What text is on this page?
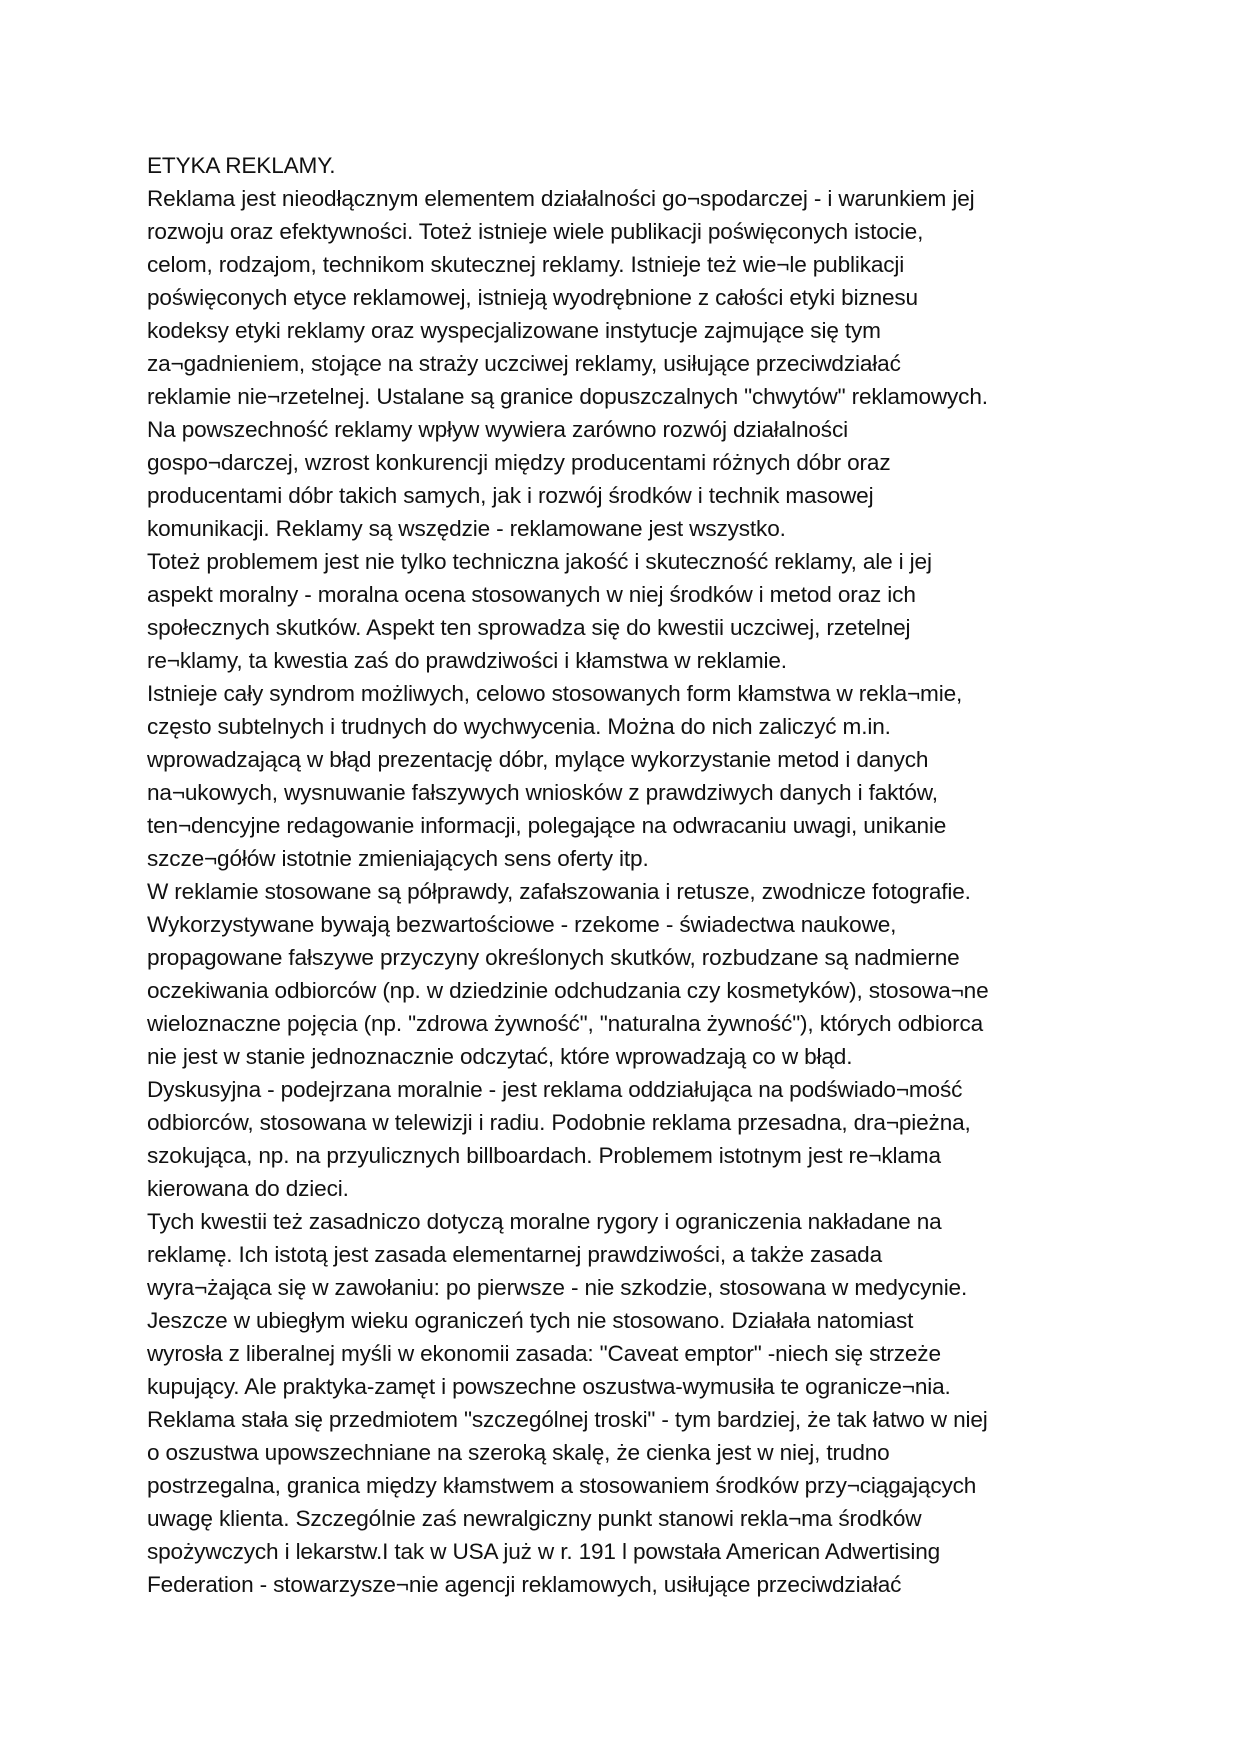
ETYKA REKLAMY.
Reklama jest nieodłącznym elementem działalności go¬spodarczej - i warunkiem jej
rozwoju oraz efektywności. Toteż istnieje wiele publikacji poświęconych istocie,
celom, rodzajom, technikom skutecznej reklamy. Istnieje też wie¬le publikacji
poświęconych etyce reklamowej, istnieją wyodrębnione z całości etyki biznesu
kodeksy etyki reklamy oraz wyspecjalizowane instytucje zajmujące się tym
za¬gadnieniem, stojące na straży uczciwej reklamy, usiłujące przeciwdziałać
reklamie nie¬rzetelnej. Ustalane są granice dopuszczalnych "chwytów" reklamowych.
Na powszechność reklamy wpływ wywiera zarówno rozwój działalności
gospo¬darczej, wzrost konkurencji między producentami różnych dóbr oraz
producentami dóbr takich samych, jak i rozwój środków i technik masowej
komunikacji. Reklamy są wszędzie - reklamowane jest wszystko.
Toteż problemem jest nie tylko techniczna jakość i skuteczność reklamy, ale i jej
aspekt moralny - moralna ocena stosowanych w niej środków i metod oraz ich
społecznych skutków. Aspekt ten sprowadza się do kwestii uczciwej, rzetelnej
re¬klamy, ta kwestia zaś do prawdziwości i kłamstwa w reklamie.
Istnieje cały syndrom możliwych, celowo stosowanych form kłamstwa w rekla¬mie,
często subtelnych i trudnych do wychwycenia. Można do nich zaliczyć m.in.
wprowadzającą w błąd prezentację dóbr, mylące wykorzystanie metod i danych
na¬ukowych, wysnuwanie fałszywych wniosków z prawdziwych danych i faktów,
ten¬dencyjne redagowanie informacji, polegające na odwracaniu uwagi, unikanie
szcze¬gółów istotnie zmieniających sens oferty itp.
W reklamie stosowane są półprawdy, zafałszowania i retusze, zwodnicze fotografie.
Wykorzystywane bywają bezwartościowe - rzekome - świadectwa naukowe,
propagowane fałszywe przyczyny określonych skutków, rozbudzane są nadmierne
oczekiwania odbiorców (np. w dziedzinie odchudzania czy kosmetyków), stosowa¬ne
wieloznaczne pojęcia (np. "zdrowa żywność", "naturalna żywność"), których odbiorca
nie jest w stanie jednoznacznie odczytać, które wprowadzają co w błąd.
Dyskusyjna - podejrzana moralnie - jest reklama oddziałująca na podświado¬mość
odbiorców, stosowana w telewizji i radiu. Podobnie reklama przesadna, dra¬pieżna,
szokująca, np. na przyulicznych billboardach. Problemem istotnym jest re¬klama
kierowana do dzieci.
Tych kwestii też zasadniczo dotyczą moralne rygory i ograniczenia nakładane na
reklamę. Ich istotą jest zasada elementarnej prawdziwości, a także zasada
wyra¬żająca się w zawołaniu: po pierwsze - nie szkodzie, stosowana w medycynie.
Jeszcze w ubiegłym wieku ograniczeń tych nie stosowano. Działała natomiast
wyrosła z liberalnej myśli w ekonomii zasada: "Caveat emptor" -niech się strzeże
kupujący. Ale praktyka-zamęt i powszechne oszustwa-wymusiła te ogranicze¬nia.
Reklama stała się przedmiotem "szczególnej troski" - tym bardziej, że tak łatwo w niej
o oszustwa upowszechniane na szeroką skalę, że cienka jest w niej, trudno
postrzegalna, granica między kłamstwem a stosowaniem środków przy¬ciągających
uwagę klienta. Szczególnie zaś newralgiczny punkt stanowi rekla¬ma środków
spożywczych i lekarstw.I tak w USA już w r. 191 l powstała American Adwertising
Federation - stowarzysze¬nie agencji reklamowych, usiłujące przeciwdziałać
